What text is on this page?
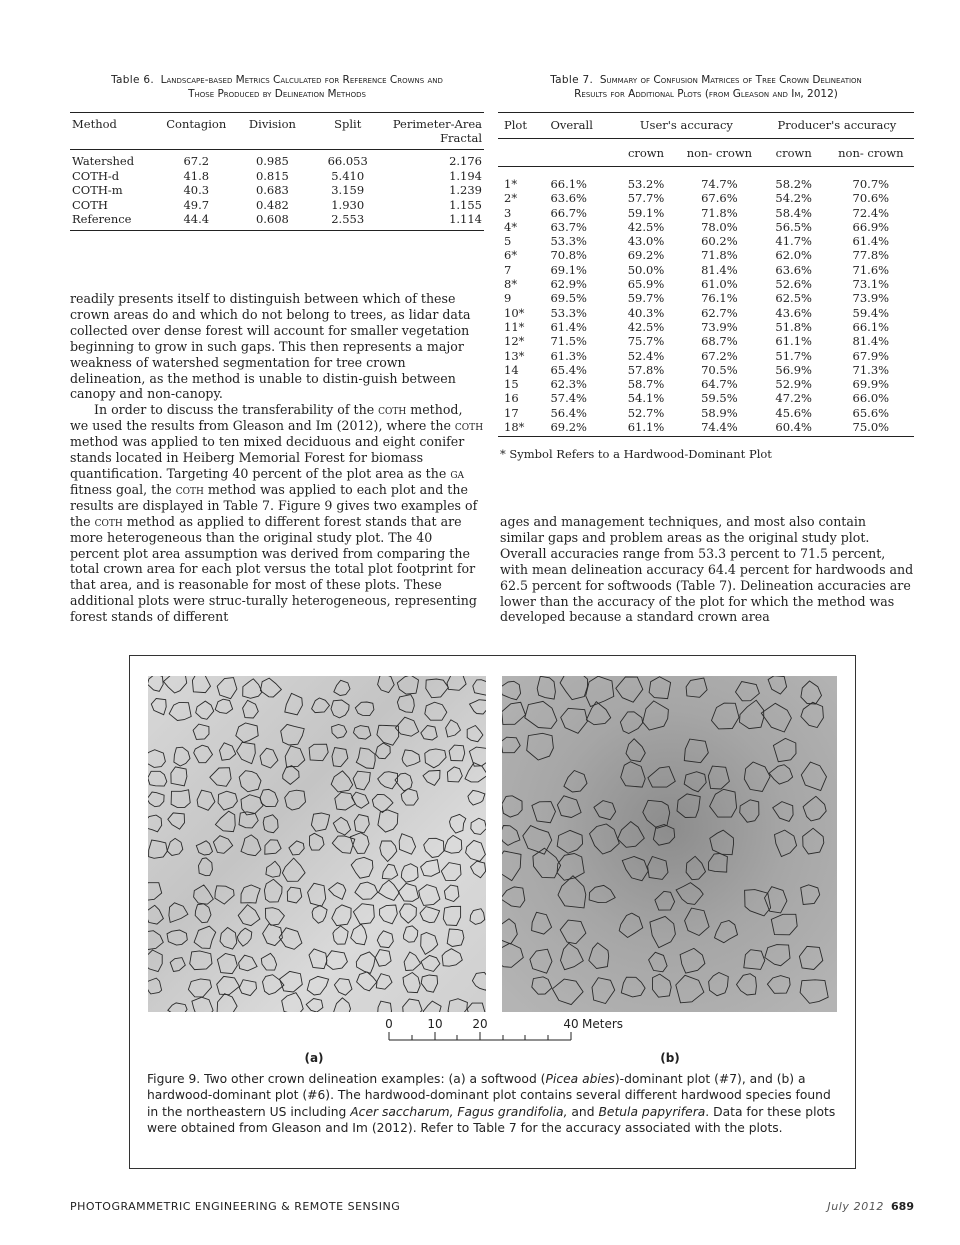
Table 6. Landscape-based Metrics Calculated for Reference Crowns and
Those Produced by Delineation Methods
Method	Contagion	Division	Split	Perimeter-Area Fractal
Watershed	67.2	0.985	66.053	2.176
COTH-d	41.8	0.815	5.410	1.194
COTH-m	40.3	0.683	3.159	1.239
COTH	49.7	0.482	1.930	1.155
Reference	44.4	0.608	2.553	1.114
Table 7. Summary of Confusion Matrices of Tree Crown Delineation
Results for Additional Plots (from Gleason and Im, 2012)
Plot	Overall	User's accuracy		Producer's accuracy	
		crown	non- crown	crown	non- crown
1*	66.1%	53.2%	74.7%	58.2%	70.7%
2*	63.6%	57.7%	67.6%	54.2%	70.6%
3	66.7%	59.1%	71.8%	58.4%	72.4%
4*	63.7%	42.5%	78.0%	56.5%	66.9%
5	53.3%	43.0%	60.2%	41.7%	61.4%
6*	70.8%	69.2%	71.8%	62.0%	77.8%
7	69.1%	50.0%	81.4%	63.6%	71.6%
8*	62.9%	65.9%	61.0%	52.6%	73.1%
9	69.5%	59.7%	76.1%	62.5%	73.9%
10*	53.3%	40.3%	62.7%	43.6%	59.4%
11*	61.4%	42.5%	73.9%	51.8%	66.1%
12*	71.5%	75.7%	68.7%	61.1%	81.4%
13*	61.3%	52.4%	67.2%	51.7%	67.9%
14	65.4%	57.8%	70.5%	56.9%	71.3%
15	62.3%	58.7%	64.7%	52.9%	69.9%
16	57.4%	54.1%	59.5%	47.2%	66.0%
17	56.4%	52.7%	58.9%	45.6%	65.6%
18*	69.2%	61.1%	74.4%	60.4%	75.0%
* Symbol Refers to a Hardwood-Dominant Plot

readily presents itself to distinguish between which of these crown areas do and which do not belong to trees, as lidar data collected over dense forest will account for smaller vegetation beginning to grow in such gaps. This then represents a major weakness of watershed segmentation for tree crown delineation, as the method is unable to distin-guish between canopy and non-canopy.

In order to discuss the transferability of the coth method, we used the results from Gleason and Im (2012), where the coth method was applied to ten mixed deciduous and eight conifer stands located in Heiberg Memorial Forest for biomass quantification. Targeting 40 percent of the plot area as the ga fitness goal, the coth method was applied to each plot and the results are displayed in Table 7. Figure 9 gives two examples of the coth method as applied to different forest stands that are more heterogeneous than the original study plot. The 40 percent plot area assumption was derived from comparing the total crown area for each plot versus the total plot footprint for that area, and is reasonable for most of these plots. These additional plots were struc-turally heterogeneous, representing forest stands of different

ages and management techniques, and most also contain similar gaps and problem areas as the original study plot. Overall accuracies range from 53.3 percent to 71.5 percent, with mean delineation accuracy 64.4 percent for hardwoods and 62.5 percent for softwoods (Table 7). Delineation accuracies are lower than the accuracy of the plot for which the method was developed because a standard crown area

0	10 20	40 Meters
(a)	(b)
Figure 9. Two other crown delineation examples: (a) a softwood (Picea abies)-dominant plot (#7), and (b) a hardwood-dominant plot (#6). The hardwood-dominant plot contains several different hardwood species found in the northeastern US including Acer saccharum, Fagus grandifolia, and Betula papyrifera. Data for these plots were obtained from Gleason and Im (2012). Refer to Table 7 for the accuracy associated with the plots.
PHOTOGRAMMETRIC ENGINEERING & REMOTE SENSING	July 2012 689
